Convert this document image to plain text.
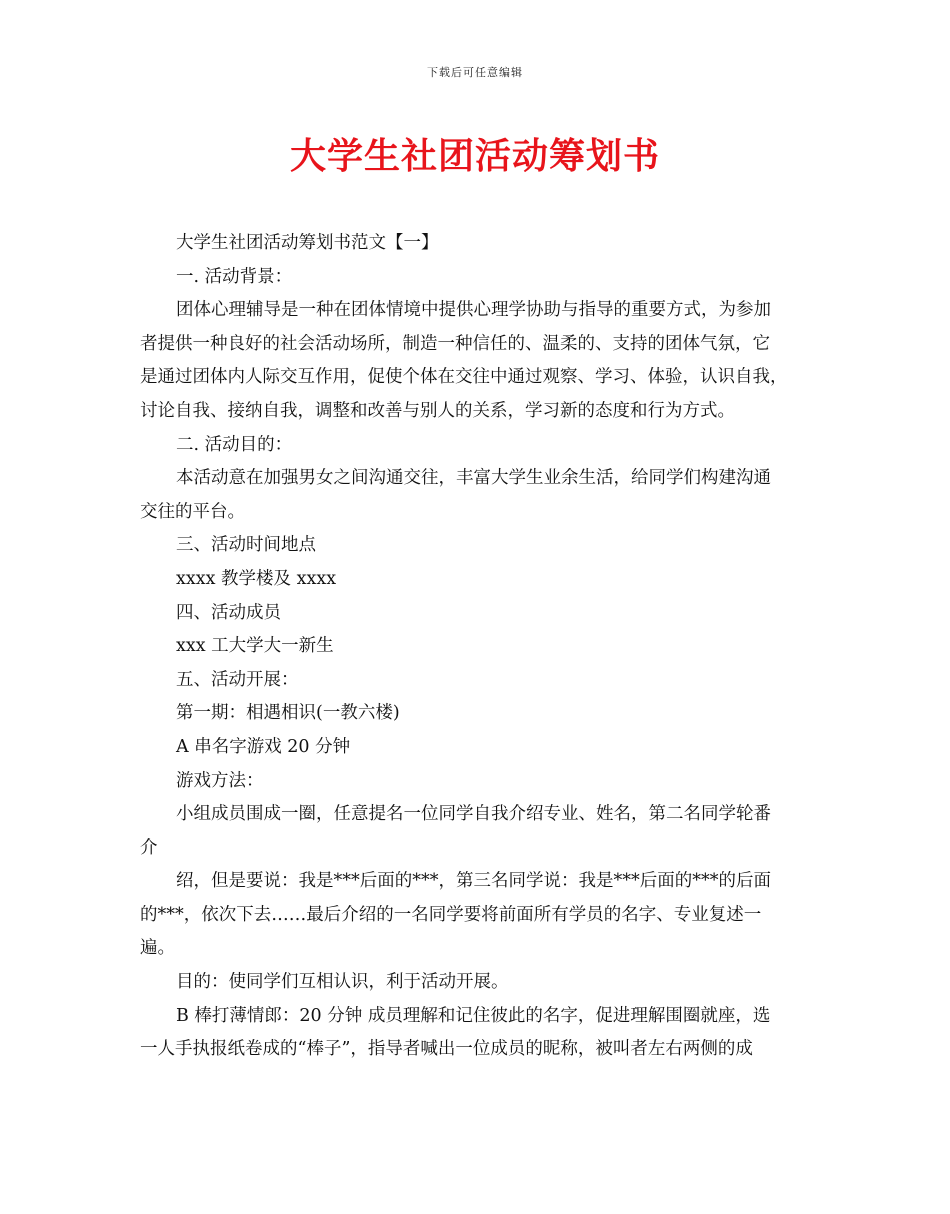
下载后可任意编辑
大学生社团活动筹划书
大学生社团活动筹划书范文【一】
一. 活动背景：
团体心理辅导是一种在团体情境中提供心理学协助与指导的重要方式，为参加
者提供一种良好的社会活动场所，制造一种信任的、温柔的、支持的团体气氛，它
是通过团体内人际交互作用，促使个体在交往中通过观察、学习、体验，认识自我，
讨论自我、接纳自我，调整和改善与别人的关系，学习新的态度和行为方式。
二. 活动目的：
本活动意在加强男女之间沟通交往，丰富大学生业余生活，给同学们构建沟通
交往的平台。
三、活动时间地点
xxxx 教学楼及 xxxx
四、活动成员
xxx 工大学大一新生
五、活动开展：
第一期：相遇相识(一教六楼)
A 串名字游戏 20 分钟
游戏方法：
小组成员围成一圈，任意提名一位同学自我介绍专业、姓名，第二名同学轮番
介
绍，但是要说：我是***后面的***，第三名同学说：我是***后面的***的后面
的***，依次下去……最后介绍的一名同学要将前面所有学员的名字、专业复述一
遍。
目的：使同学们互相认识，利于活动开展。
B 棒打薄情郎：20 分钟 成员理解和记住彼此的名字，促进理解围圈就座，选
一人手执报纸卷成的“棒子”，指导者喊出一位成员的昵称，被叫者左右两侧的成
